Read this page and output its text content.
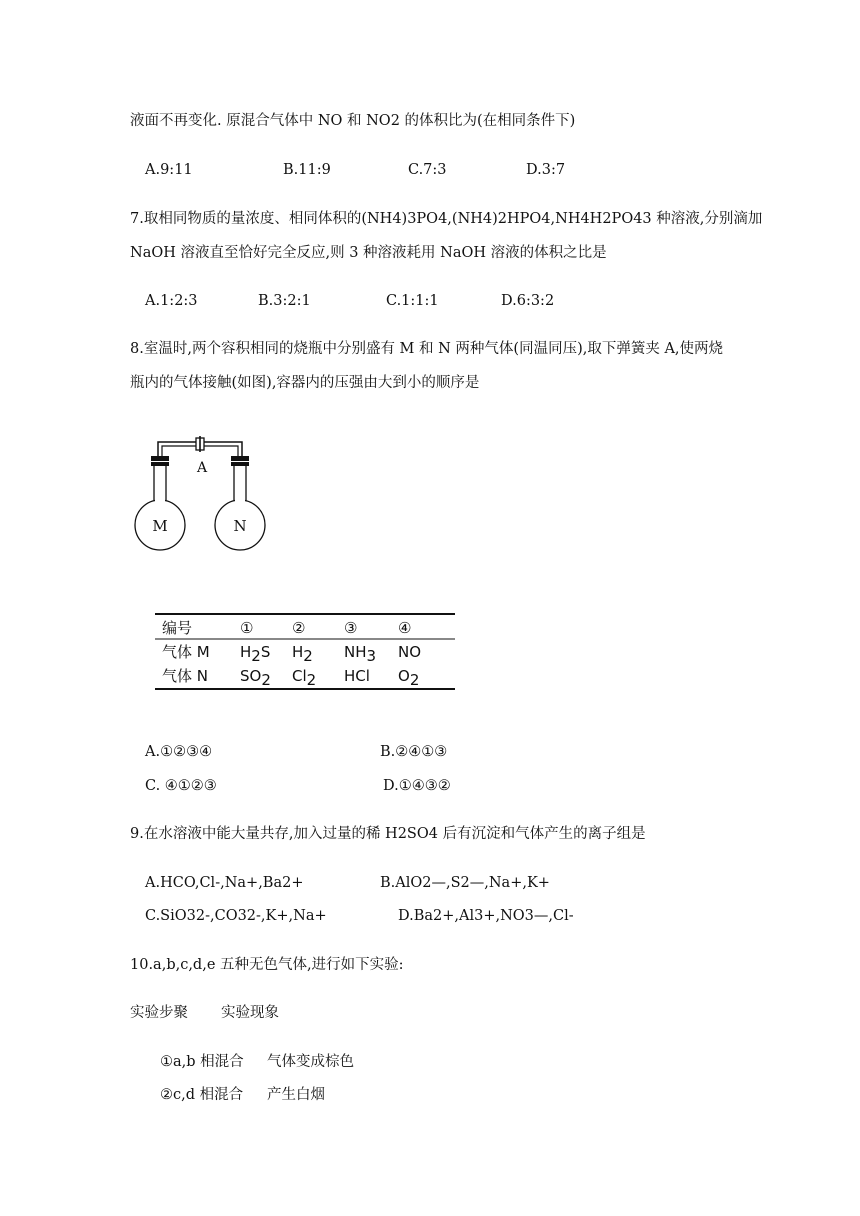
液面不再变化. 原混合气体中 NO 和 NO2 的体积比为(在相同条件下)
A.9:11	B.11:9	C.7:3	D.3:7
7.取相同物质的量浓度、相同体积的(NH4)3PO4,(NH4)2HPO4,NH4H2PO43 种溶液,分别滴加
NaOH 溶液直至恰好完全反应,则 3 种溶液耗用 NaOH 溶液的体积之比是
A.1:2:3	B.3:2:1	C.1:1:1	D.6:3:2
8.室温时,两个容积相同的烧瓶中分别盛有 M 和 N 两种气体(同温同压),取下弹簧夹 A,使两烧
瓶内的气体接触(如图),容器内的压强由大到小的顺序是
A
M	N
编号	①	②	③	④
气体 M H2S H2 NH3 NO
气体 N SO2 Cl2 HCl O2
A.①②③④	B.②④①③
C. ④①②③	D.①④③②
9.在水溶液中能大量共存,加入过量的稀 H2SO4 后有沉淀和气体产生的离子组是
A.HCO,Cl-,Na+,Ba2+	B.AlO2—,S2—,Na+,K+
C.SiO32-,CO32-,K+,Na+	D.Ba2+,Al3+,NO3—,Cl-
10.a,b,c,d,e 五种无色气体,进行如下实验:
实验步聚 实验现象
①a,b 相混合 气体变成棕色
②c,d 相混合 产生白烟
